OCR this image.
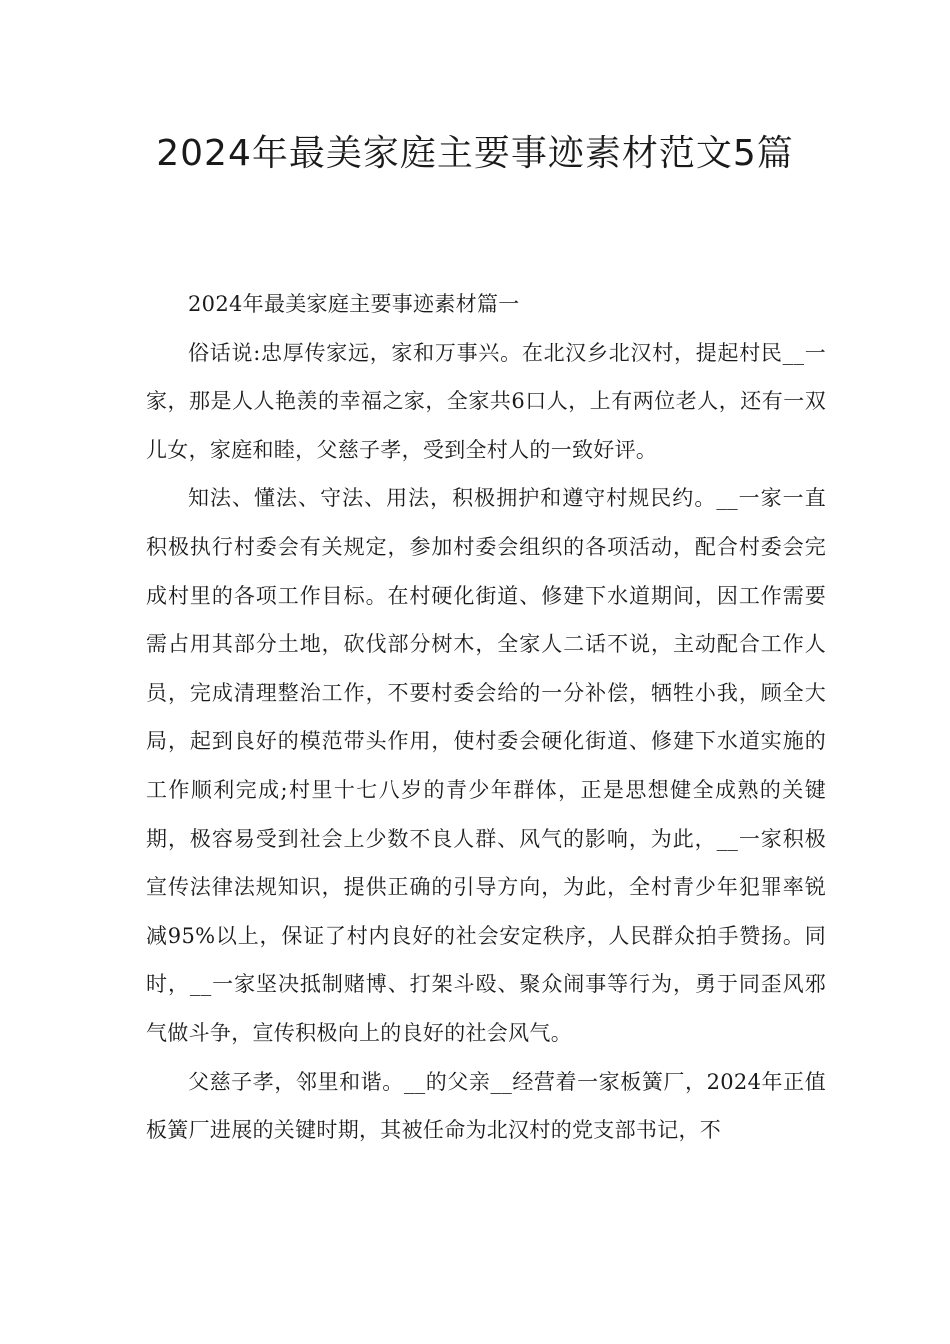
2024年最美家庭主要事迹素材范文5篇

2024年最美家庭主要事迹素材篇一

俗话说:忠厚传家远，家和万事兴。在北汉乡北汉村，提起村民__一家，那是人人艳羡的幸福之家，全家共6口人，上有两位老人，还有一双儿女，家庭和睦，父慈子孝，受到全村人的一致好评。

知法、懂法、守法、用法，积极拥护和遵守村规民约。__一家一直积极执行村委会有关规定，参加村委会组织的各项活动，配合村委会完成村里的各项工作目标。在村硬化街道、修建下水道期间，因工作需要需占用其部分土地，砍伐部分树木，全家人二话不说，主动配合工作人员，完成清理整治工作，不要村委会给的一分补偿，牺牲小我，顾全大局，起到良好的模范带头作用，使村委会硬化街道、修建下水道实施的工作顺利完成;村里十七八岁的青少年群体，正是思想健全成熟的关键期，极容易受到社会上少数不良人群、风气的影响，为此，__一家积极宣传法律法规知识，提供正确的引导方向，为此，全村青少年犯罪率锐减95%以上，保证了村内良好的社会安定秩序，人民群众拍手赞扬。同时，__一家坚决抵制赌博、打架斗殴、聚众闹事等行为，勇于同歪风邪气做斗争，宣传积极向上的良好的社会风气。

父慈子孝，邻里和谐。__的父亲__经营着一家板簧厂，2024年正值板簧厂进展的关键时期，其被任命为北汉村的党支部书记，不
